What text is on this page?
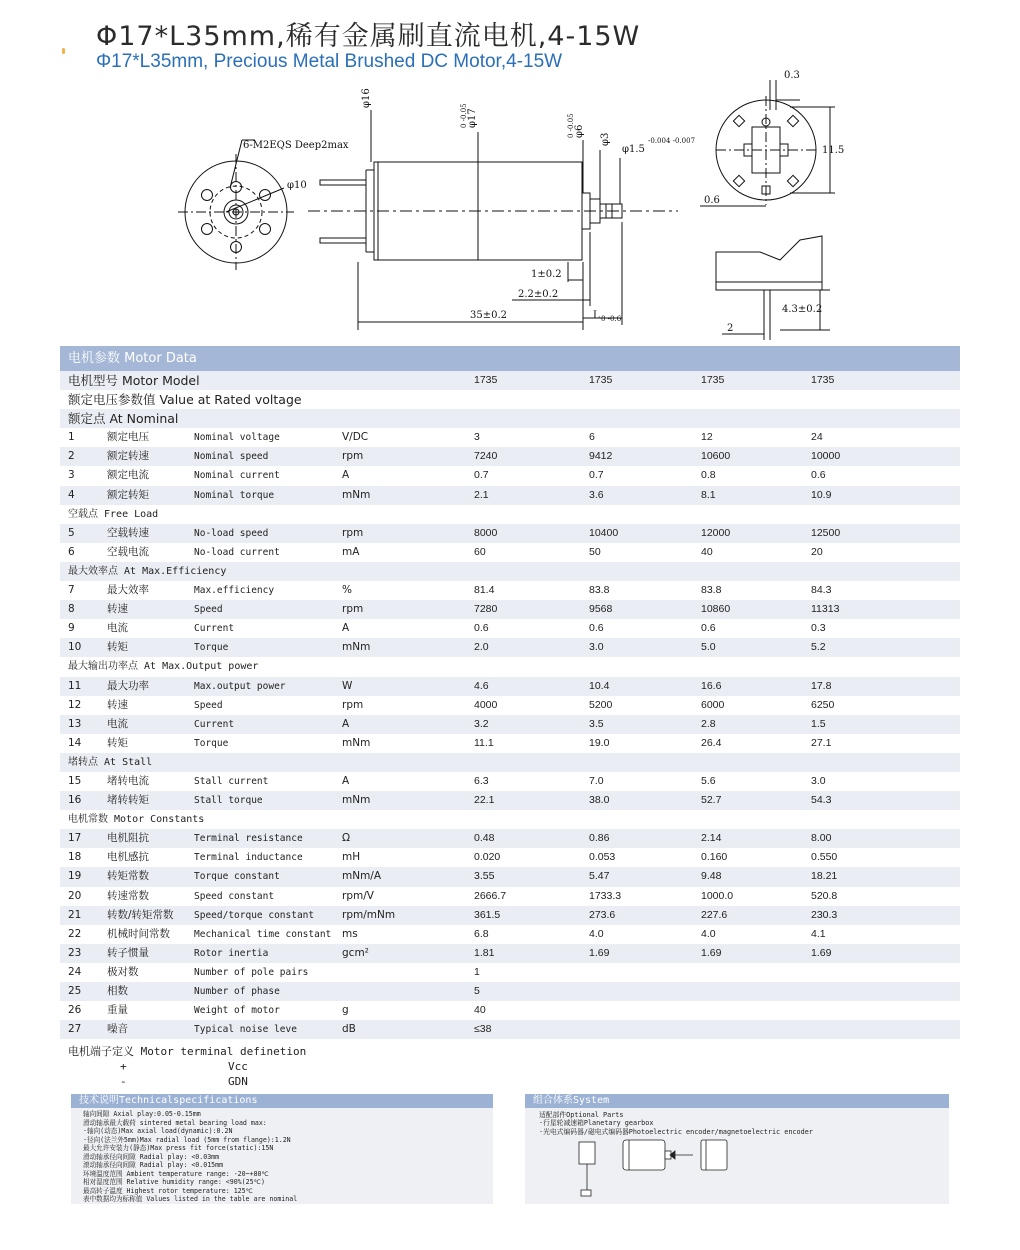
Φ17*L35mm,稀有金属刷直流电机,4-15W
Φ17*L35mm, Precious Metal Brushed DC Motor,4-15W
6-M2EQS Deep2max
φ10
φ16
φ17
0 -0.05
φ6
0 -0.05
φ3
φ1.5
-0.004 -0.007
1±0.2
2.2±0.2
35±0.2	L 0 -0.6
0.3
11.5
0.6
4.3±0.2
2
电机参数 Motor Data
电机型号 Motor Model	1735	1735	1735	1735
额定电压参数值 Value at Rated voltage
额定点 At Nominal
1	额定电压	Nominal voltage	V/DC	3	6	12	24
2	额定转速	Nominal speed	rpm	7240	9412	10600	10000
3	额定电流	Nominal current	A	0.7	0.7	0.8	0.6
4	额定转矩	Nominal torque	mNm	2.1	3.6	8.1	10.9
空载点 Free Load
5	空载转速	No-load speed	rpm	8000	10400	12000	12500
6	空载电流	No-load current	mA	60	50	40	20
最大效率点 At Max.Efficiency
7	最大效率	Max.efficiency	%	81.4	83.8	83.8	84.3
8	转速	Speed	rpm	7280	9568	10860	11313
9	电流	Current	A	0.6	0.6	0.6	0.3
10 转矩	Torque	mNm	2.0	3.0	5.0	5.2
最大输出功率点 At Max.Output power
11 最大功率	Max.output power	W	4.6	10.4	16.6	17.8
12 转速	Speed	rpm	4000	5200	6000	6250
13 电流	Current	A	3.2	3.5	2.8	1.5
14 转矩	Torque	mNm	11.1	19.0	26.4	27.1
堵转点 At Stall
15 堵转电流	Stall current	A	6.3	7.0	5.6	3.0
16 堵转转矩	Stall torque	mNm	22.1	38.0	52.7	54.3
电机常数 Motor Constants
17 电机阻抗	Terminal resistance	Ω	0.48	0.86	2.14	8.00
18 电机感抗	Terminal inductance	mH	0.020	0.053	0.160	0.550
19 转矩常数	Torque constant	mNm/A	3.55	5.47	9.48	18.21
20 转速常数	Speed constant	rpm/V	2666.7	1733.3	1000.0	520.8
21 转数/转矩常数 Speed/torque constant	rpm/mNm	361.5	273.6	227.6	230.3
22 机械时间常数	Mechanical time constant ms	6.8	4.0	4.0	4.1
23 转子惯量	Rotor inertia	gcm²	1.81	1.69	1.69	1.69
24 极对数	Number of pole pairs	1
25 相数	Number of phase	5
26 重量	Weight of motor	g	40
27 噪音	Typical noise leve	dB	≤38
电机端子定义 Motor terminal definetion
+	Vcc
-	GDN
技术说明Technicalspecifications
轴向间隙 Axial play:0.05-0.15mm
滑动轴承最大载荷 sintered metal bearing load max:
·轴向(动态)Max axial load(dynamic):0.2N
·径向(法兰外5mm)Max radial load (5mm from flange):1.2N
最大允许安装力(静态)Max press fit force(static):15N
滑动轴承径向间隙 Radial play: <0.03mm
滚动轴承径向间隙 Radial play: <0.015mm
环境温度范围 Ambient temperature range: -20~+80℃
相对湿度范围 Relative humidity range: <90%(25℃)
最高转子温度 Highest rotor temperature: 125℃
表中数据均为标称值 Values listed in the table are nominal
组合体系System
适配部件Optional Parts
·行星轮减速箱Planetary gearbox
·光电式编码器/磁电式编码器Photoelectric encoder/magnetoelectric encoder
